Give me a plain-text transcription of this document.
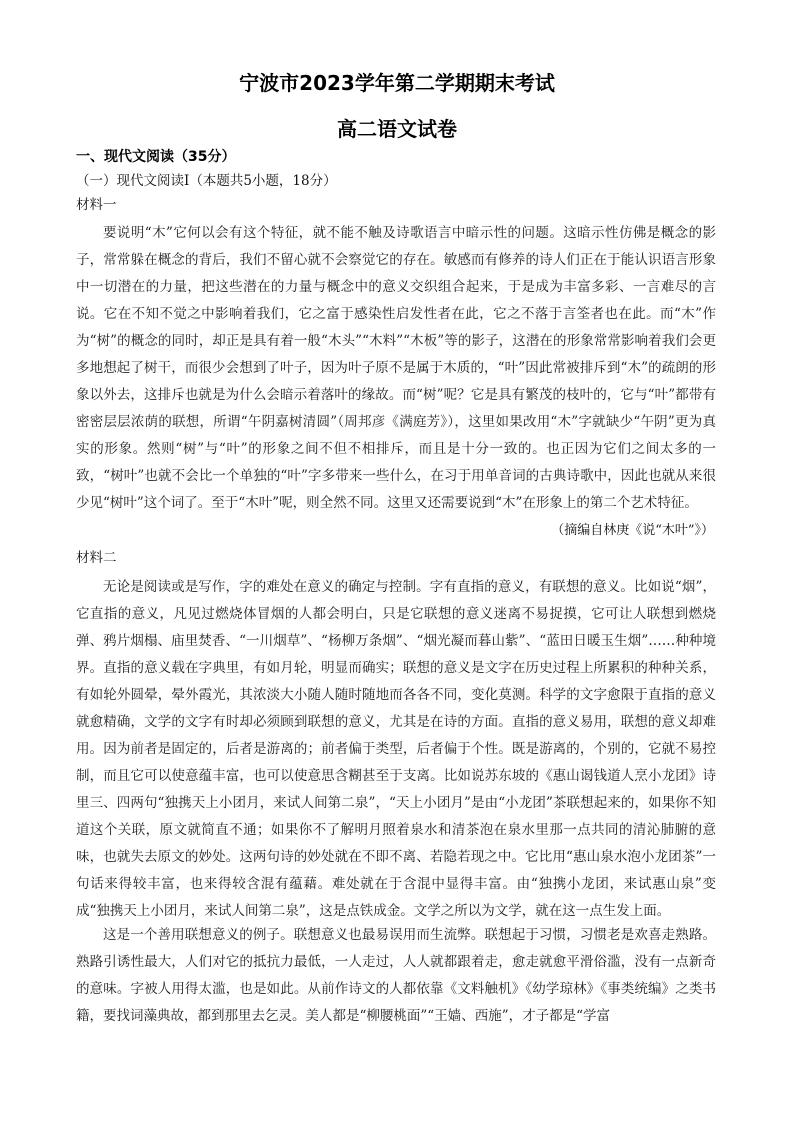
宁波市2023学年第二学期期末考试
高二语文试卷
一、现代文阅读（35分）
（一）现代文阅读I（本题共5小题，18分）
材料一

要说明“木”它何以会有这个特征，就不能不触及诗歌语言中暗示性的问题。这暗示性仿佛是概念的影子，常常躲在概念的背后，我们不留心就不会察觉它的存在。敏感而有修养的诗人们正在于能认识语言形象中一切潜在的力量，把这些潜在的力量与概念中的意义交织组合起来，于是成为丰富多彩、一言难尽的言说。它在不知不觉之中影响着我们，它之富于感染性启发性者在此，它之不落于言筌者也在此。而“木”作为“树”的概念的同时，却正是具有着一般“木头”“木料”“木板”等的影子，这潜在的形象常常影响着我们会更多地想起了树干，而很少会想到了叶子，因为叶子原不是属于木质的，“叶”因此常被排斥到“木”的疏朗的形象以外去，这排斥也就是为什么会暗示着落叶的缘故。而“树”呢？它是具有繁茂的枝叶的，它与“叶”都带有密密层层浓荫的联想，所谓“午阴嘉树清圆”（周邦彦《满庭芳》），这里如果改用“木”字就缺少“午阴”更为真实的形象。然则“树”与“叶”的形象之间不但不相排斥，而且是十分一致的。也正因为它们之间太多的一致，“树叶”也就不会比一个单独的“叶”字多带来一些什么，在习于用单音词的古典诗歌中，因此也就从来很少见“树叶”这个词了。至于“木叶”呢，则全然不同。这里又还需要说到“木”在形象上的第二个艺术特征。

（摘编自林庚《说“木叶”》）
材料二

无论是阅读或是写作，字的难处在意义的确定与控制。字有直指的意义，有联想的意义。比如说“烟”，它直指的意义，凡见过燃烧体冒烟的人都会明白，只是它联想的意义迷离不易捉摸，它可让人联想到燃烧弹、鸦片烟榻、庙里焚香、“一川烟草”、“杨柳万条烟”、“烟光凝而暮山紫”、“蓝田日暖玉生烟”……种种境界。直指的意义载在字典里，有如月轮，明显而确实；联想的意义是文字在历史过程上所累积的种种关系，有如轮外圆晕，晕外霞光，其浓淡大小随人随时随地而各各不同，变化莫测。科学的文字愈限于直指的意义就愈精确，文学的文字有时却必须顾到联想的意义，尤其是在诗的方面。直指的意义易用，联想的意义却难用。因为前者是固定的，后者是游离的；前者偏于类型，后者偏于个性。既是游离的，个别的，它就不易控制，而且它可以使意蕴丰富，也可以使意思含糊甚至于支离。比如说苏东坡的《惠山谒钱道人烹小龙团》诗里三、四两句“独携天上小团月，来试人间第二泉”，“天上小团月”是由“小龙团”茶联想起来的，如果你不知道这个关联，原文就简直不通；如果你不了解明月照着泉水和清茶泡在泉水里那一点共同的清沁肺腑的意味，也就失去原文的妙处。这两句诗的妙处就在不即不离、若隐若现之中。它比用“惠山泉水泡小龙团茶”一句话来得较丰富，也来得较含混有蕴藉。难处就在于含混中显得丰富。由“独携小龙团，来试惠山泉”变成“独携天上小团月，来试人间第二泉”，这是点铁成金。文学之所以为文学，就在这一点生发上面。

这是一个善用联想意义的例子。联想意义也最易误用而生流弊。联想起于习惯，习惯老是欢喜走熟路。熟路引诱性最大，人们对它的抵抗力最低，一人走过，人人就都跟着走，愈走就愈平滑俗滥，没有一点新奇的意味。字被人用得太滥，也是如此。从前作诗文的人都依靠《文料触机》《幼学琼林》《事类统编》之类书籍，要找词藻典故，都到那里去乞灵。美人都是“柳腰桃面”“王嫱、西施”，才子都是“学富
